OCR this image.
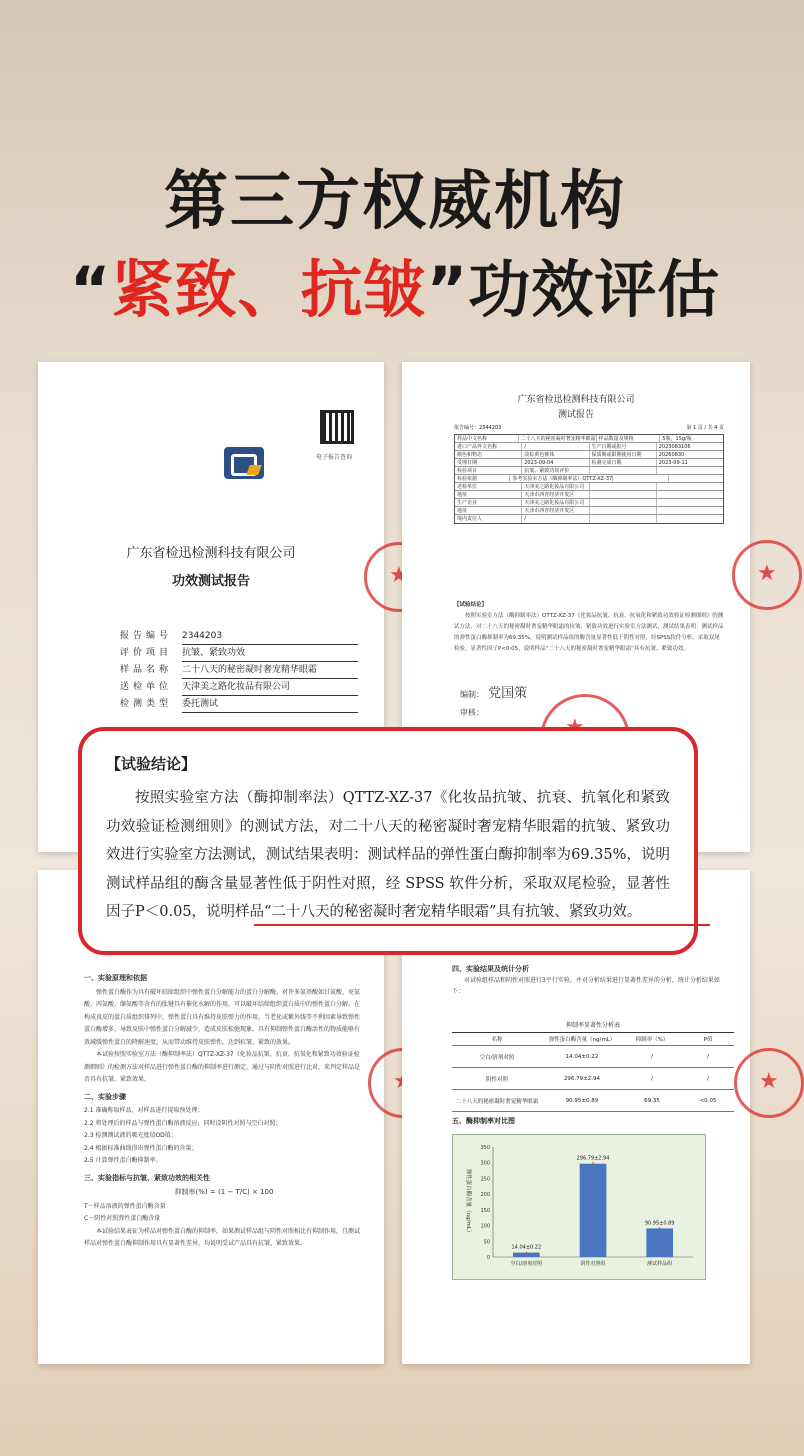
第三方权威机构
“紧致、抗皱”功效评估
电子报告查询
广东省检迅检测科技有限公司
功效测试报告
报告编号	2344203
评价项目	抗皱、紧致功效
样品名称	二十八天的秘密凝时奢宠精华眼霜
送检单位	天津美之路化妆品有限公司
检测类型	委托测试
★
广东省检迅检测科技有限公司
测试报告
报告编号：2344203	第 1 页 / 共 4 页
样品中文名称	二十八天的秘密凝时奢宠精华眼霜 样品数量及规格	5瓶，15g/瓶
进口产品外文名称	/	生产日期或批号	2023083106
颜色和物态	淡棕黄色膏体	保质期或限期使用日期	20260830
受理日期	2023-09-04	检测完成日期	2023-09-11
检验项目	抗皱、紧致功效评价
检验依据	参考实验室方法（酶抑制率法）QTTZ-XZ-37
送检单位	天津美之路化妆品有限公司
地址	天津市西青经济开发区
生产企业	天津美之路化妆品有限公司
地址	天津市西青经济开发区
境内责任人	/
【试验结论】
按照实验室方法（酶抑制率法）QTTZ-XZ-37《化妆品抗皱、抗衰、抗氧化和紧致功效验证检测细则》的测试方法，对二十八天的秘密凝时奢宠精华眼霜的抗皱、紧致功效进行实验室方法测试，测试结果表明：测试样品的弹性蛋白酶抑制率为69.35%，说明测试样品组的酶含量显著性低于阴性对照，经SPSS软件分析，采取双尾检验，显著性因子P<0.05，说明样品“二十八天的秘密凝时奢宠精华眼霜”具有抗皱、紧致功效。
编制： 党国策
审核：
★
★
一、实验原理和依据

弹性蛋白酶作为具有破坏结缔组织中弹性蛋白分解能力的蛋白分解酶，对许多氨基酸如甘氨酸、亮氨酸、丙氨酸、缬氨酸等含有的肽键具有催化水解的作用，可以破坏结缔组织蛋白质中的弹性蛋白分解。在构成真皮的蛋白质组织排列中，弹性蛋白具有维持皮肤弹力的作用，当老化或紫外线等不利因素导致弹性蛋白酶增多，导致皮肤中弹性蛋白分解减少，造成皮肤松弛现象。具有抑制弹性蛋白酶活性的物质能够有效减缓弹性蛋白的降解速度，从而带动维持皮肤弹性，达到抗皱、紧致的效果。

本试验按照实验室方法（酶抑制率法）QTTZ-XZ-37《化妆品抗皱、抗衰、抗氧化和紧致功效验证检测细则》的检测方法对样品进行弹性蛋白酶的抑制率进行测定，通过与阴性对照进行比对，来判定样品是否具有抗皱、紧致效果。

二、实验步骤
2.1 准确称取样品，对样品进行提取预处理；
2.2 将处理后的样品与弹性蛋白酶溶液反应，同时设阴性对照与空白对照；
2.3 检测测试液的吸光度值OD值；
2.4 根据标准曲线得出弹性蛋白酶的含量；
2.5 计算弹性蛋白酶抑制率。
三、实验指标与抗皱、紧致功效的相关性
抑制率(%) = (1 − T/C) × 100
T－样品溶液的弹性蛋白酶含量
C－阴性对照弹性蛋白酶含量

本试验结果表征为样品对弹性蛋白酶的抑制率，如果测试样品组与阴性对照相比有抑制作用，且测试样品对弹性蛋白酶抑制作用具有显著性差异，均说明受试产品具有抗皱、紧致效果。

★
四、实验结果及统计分析

对试验组样品和阴性对照进行3平行实验，并对分析结果进行显著性差异的分析，统计分析结果如下：

抑制率显著性分析表
名称	弹性蛋白酶含量（ng/mL）	抑制率（%）	P值
空白/溶剂对照	14.04±0.22	/	/
阴性对照	296.79±2.94	/	/
二十八天的秘密凝时奢宠精华眼霜	90.95±0.89	69.35	<0.05
五、酶抑制率对比图
0
50
100
150
200
250
300
350
弹性蛋白酶含量（ng/mL）
14.04±0.22
空白/溶剂对照
296.79±2.94
阴性对照组
90.95±0.89
测试样品组
★
【试验结论】
按照实验室方法（酶抑制率法）QTTZ-XZ-37《化妆品抗皱、抗衰、抗氧化和紧致功效验证检测细则》的测试方法，对二十八天的秘密凝时奢宠精华眼霜的抗皱、紧致功效进行实验室方法测试，测试结果表明：测试样品的弹性蛋白酶抑制率为69.35%，说明测试样品组的酶含量显著性低于阴性对照，经 SPSS 软件分析，采取双尾检验，显著性因子P＜0.05，说明样品“二十八天的秘密凝时奢宠精华眼霜”具有抗皱、紧致功效。
